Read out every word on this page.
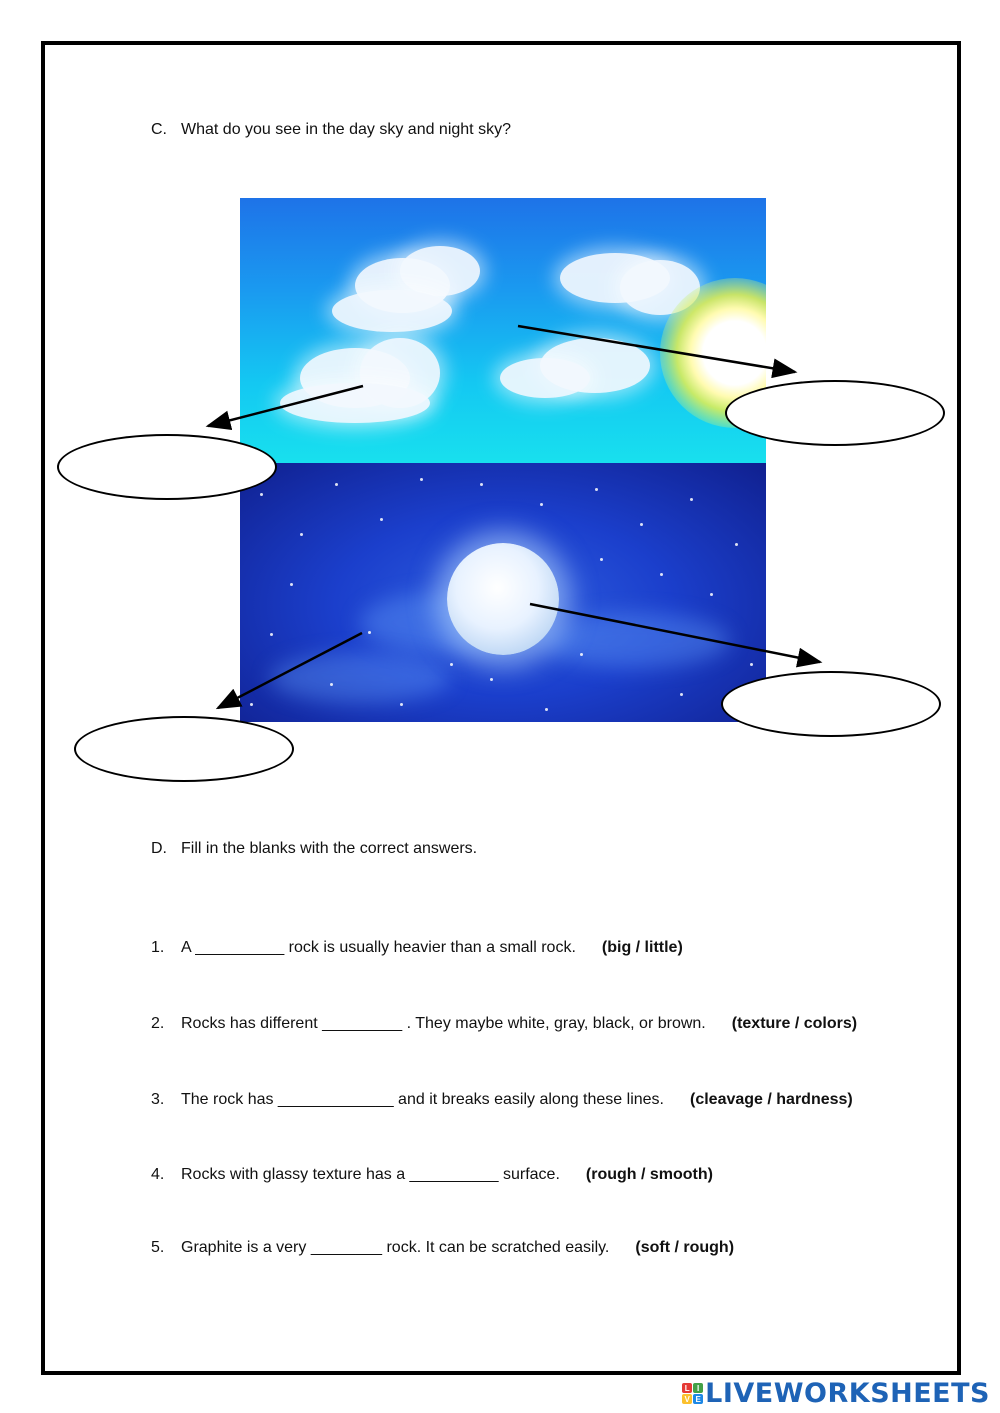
C. What do you see in the day sky and night sky?
D. Fill in the blanks with the correct answers.
1. A __________ rock is usually heavier than a small rock. (big / little)
2. Rocks has different _________ . They maybe white, gray, black, or brown. (texture / colors)
3. The rock has _____________ and it breaks easily along these lines. (cleavage / hardness)
4. Rocks with glassy texture has a __________ surface. (rough / smooth)
5. Graphite is a very ________ rock. It can be scratched easily. (soft / rough)
L I
V E LIVEWORKSHEETS
